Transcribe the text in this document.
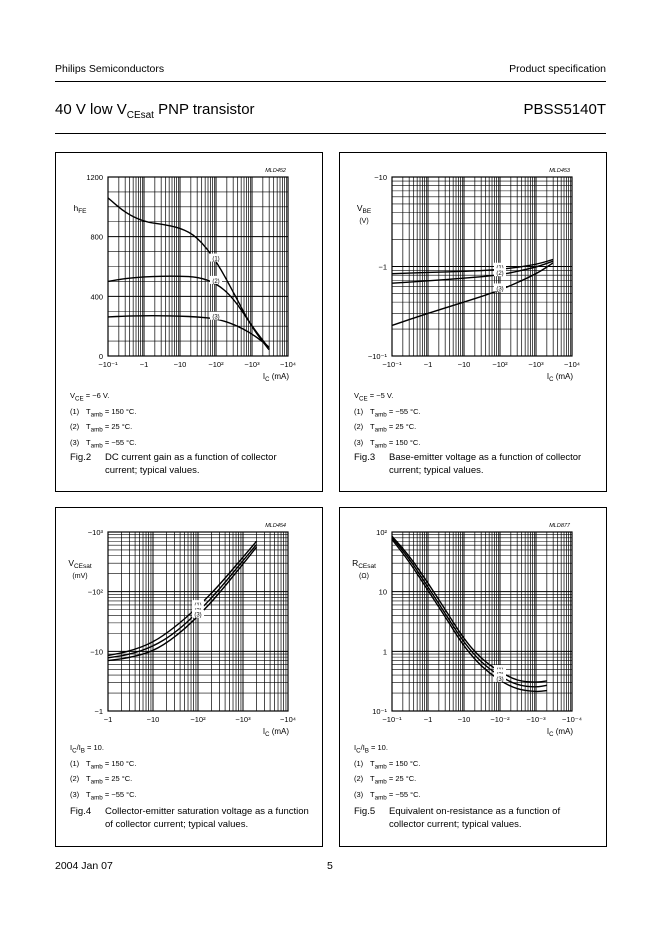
Philips Semiconductors	Product specification
40 V low $V_{CEsat}$ PNP transistor	PBSS5140T
(1)
(2)
(3)
1200
800
400
0
−10⁻¹	−1	−10	−10²	−10³	−10⁴
$h_{FE}$
$I_C$ (mA)
MLD452
(2)
(3)
−10
−1
−10⁻¹
−10⁻¹	−1	−10	−10²	−10³	−10⁴
$V_{BE}$
(V)
$I_C$ (mA)
MLD453
(3)
−10³
−10²
−10
−1
−1	−10	−10²	−10³	−10⁴
$V_{CEsat}$
(mV)
$I_C$ (mA)
MLD454
(3)
10²
10
1
10⁻¹
−10⁻¹	−1	−10	−10⁻² −10⁻³ −10⁻⁴
$R_{CEsat}$
(Ω)
$I_C$ (mA)
MLD877
$V_{CE} = -6$ V.
(1) $T_{amb} = 150$ °C.
(2) $T_{amb} = 25$ °C.
(3) $T_{amb} = -55$ °C.
Fig.2 DC current gain as a function of collector current; typical values.
$V_{CE} = -5$ V.
(1) $T_{amb} = -55$ °C.
(2) $T_{amb} = 25$ °C.
(3) $T_{amb} = 150$ °C.
Fig.3 Base-emitter voltage as a function of collector current; typical values.
$I_C/I_B = 10$.
(1) $T_{amb} = 150$ °C.
(2) $T_{amb} = 25$ °C.
(3) $T_{amb} = -55$ °C.
Fig.4 Collector-emitter saturation voltage as a function of collector current; typical values.
$I_C/I_B = 10$.
(1) $T_{amb} = 150$ °C.
(2) $T_{amb} = 25$ °C.
(3) $T_{amb} = -55$ °C.
Fig.5 Equivalent on-resistance as a function of collector current; typical values.
2004 Jan 07	5
